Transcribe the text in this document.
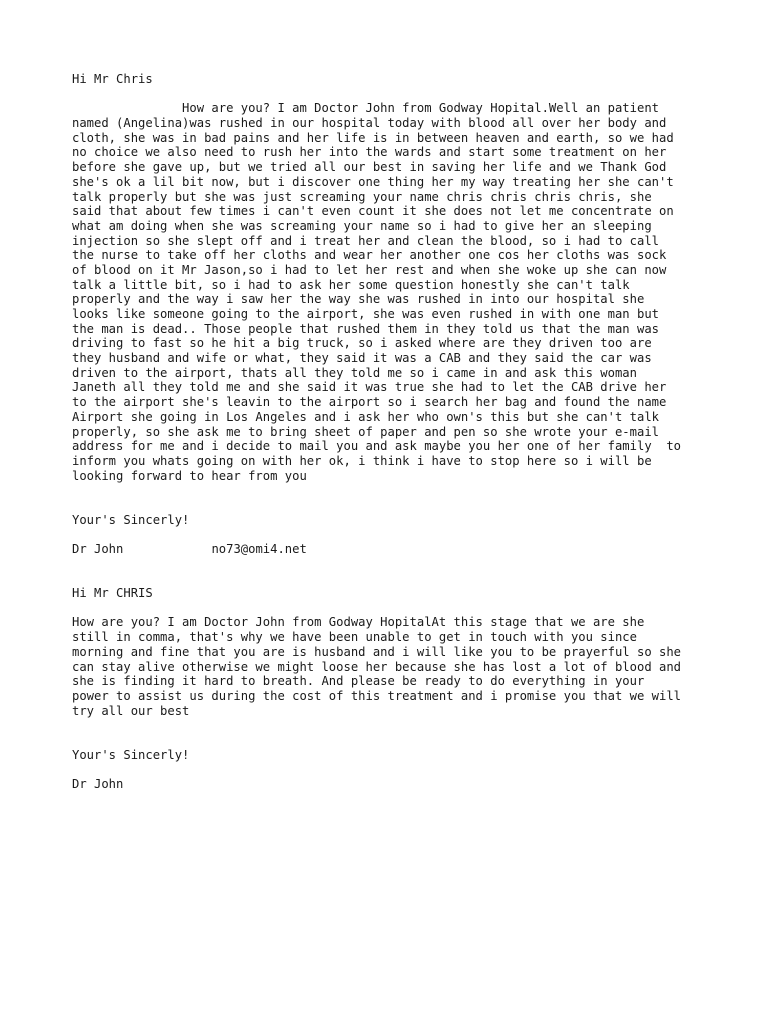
Hi Mr Chris
How are you? I am Doctor John from Godway Hopital.Well an patient
named (Angelina)was rushed in our hospital today with blood all over her body and
cloth, she was in bad pains and her life is in between heaven and earth, so we had
no choice we also need to rush her into the wards and start some treatment on her
before she gave up, but we tried all our best in saving her life and we Thank God
she's ok a lil bit now, but i discover one thing her my way treating her she can't
talk properly but she was just screaming your name chris chris chris chris, she
said that about few times i can't even count it she does not let me concentrate on
what am doing when she was screaming your name so i had to give her an sleeping
injection so she slept off and i treat her and clean the blood, so i had to call
the nurse to take off her cloths and wear her another one cos her cloths was sock
of blood on it Mr Jason,so i had to let her rest and when she woke up she can now
talk a little bit, so i had to ask her some question honestly she can't talk
properly and the way i saw her the way she was rushed in into our hospital she
looks like someone going to the airport, she was even rushed in with one man but
the man is dead.. Those people that rushed them in they told us that the man was
driving to fast so he hit a big truck, so i asked where are they driven too are
they husband and wife or what, they said it was a CAB and they said the car was
driven to the airport, thats all they told me so i came in and ask this woman
Janeth all they told me and she said it was true she had to let the CAB drive her
to the airport she's leavin to the airport so i search her bag and found the name
Airport she going in Los Angeles and i ask her who own's this but she can't talk
properly, so she ask me to bring sheet of paper and pen so she wrote your e-mail
address for me and i decide to mail you and ask maybe you her one of her family  to
inform you whats going on with her ok, i think i have to stop here so i will be
looking forward to hear from you
Your's Sincerly!
Dr John	no73@omi4.net
Hi Mr CHRIS
How are you? I am Doctor John from Godway HopitalAt this stage that we are she
still in comma, that's why we have been unable to get in touch with you since
morning and fine that you are is husband and i will like you to be prayerful so she
can stay alive otherwise we might loose her because she has lost a lot of blood and
she is finding it hard to breath. And please be ready to do everything in your
power to assist us during the cost of this treatment and i promise you that we will
try all our best
Your's Sincerly!
Dr John
